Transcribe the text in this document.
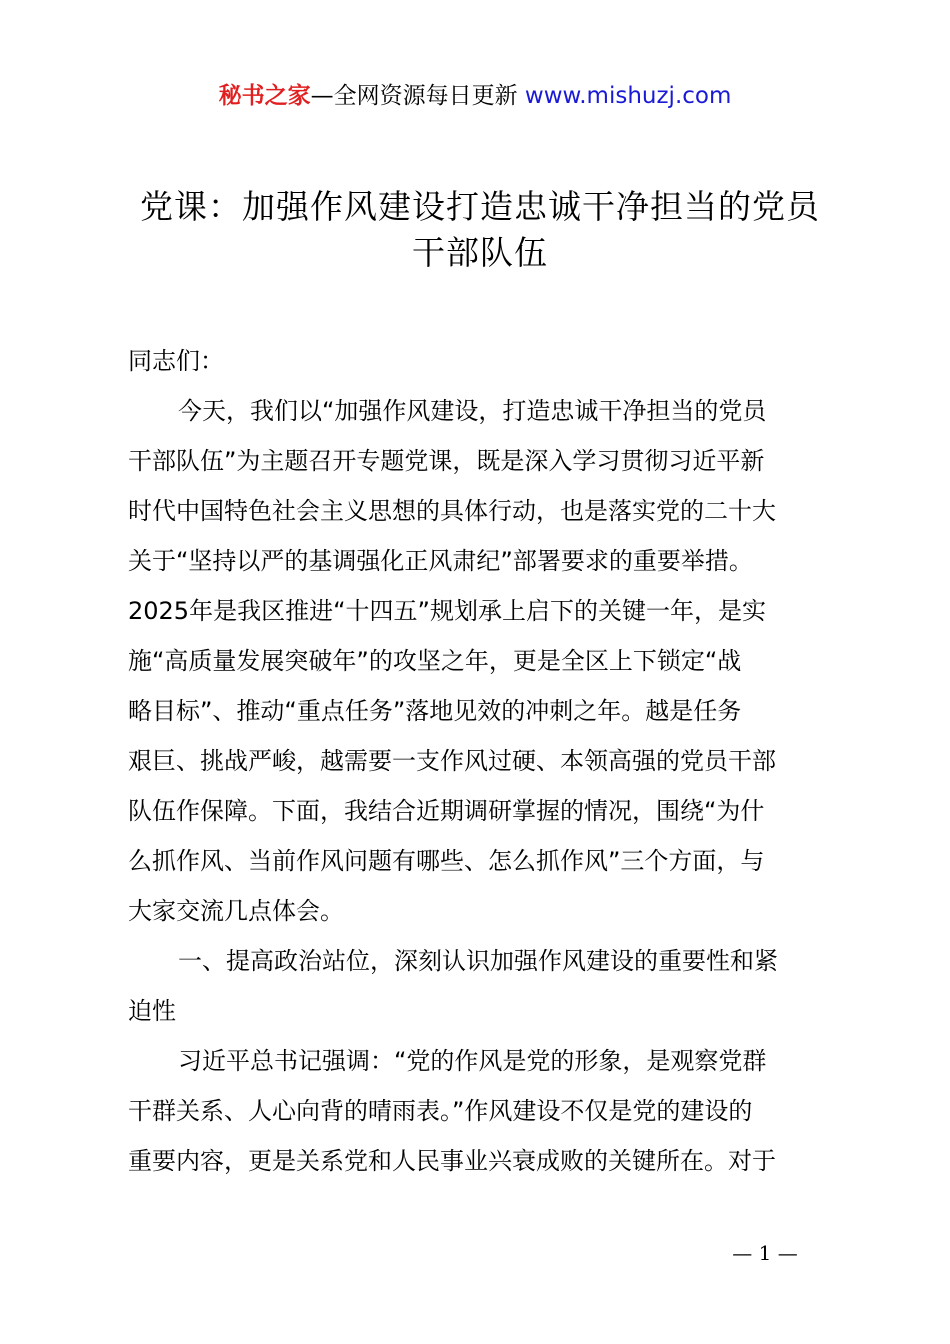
秘书之家—全网资源每日更新 www.mishuzj.com
党课：加强作风建设打造忠诚干净担当的党员
干部队伍
同志们：
今天，我们以“加强作风建设，打造忠诚干净担当的党员
干部队伍”为主题召开专题党课，既是深入学习贯彻习近平新
时代中国特色社会主义思想的具体行动，也是落实党的二十大
关于“坚持以严的基调强化正风肃纪”部署要求的重要举措。
2025年是我区推进“十四五”规划承上启下的关键一年，是实
施“高质量发展突破年”的攻坚之年，更是全区上下锁定“战
略目标”、推动“重点任务”落地见效的冲刺之年。越是任务
艰巨、挑战严峻，越需要一支作风过硬、本领高强的党员干部
队伍作保障。下面，我结合近期调研掌握的情况，围绕“为什
么抓作风、当前作风问题有哪些、怎么抓作风”三个方面，与
大家交流几点体会。
一、提高政治站位，深刻认识加强作风建设的重要性和紧
迫性
习近平总书记强调：“党的作风是党的形象，是观察党群
干群关系、人心向背的晴雨表。”作风建设不仅是党的建设的
重要内容，更是关系党和人民事业兴衰成败的关键所在。对于
— 1 —
